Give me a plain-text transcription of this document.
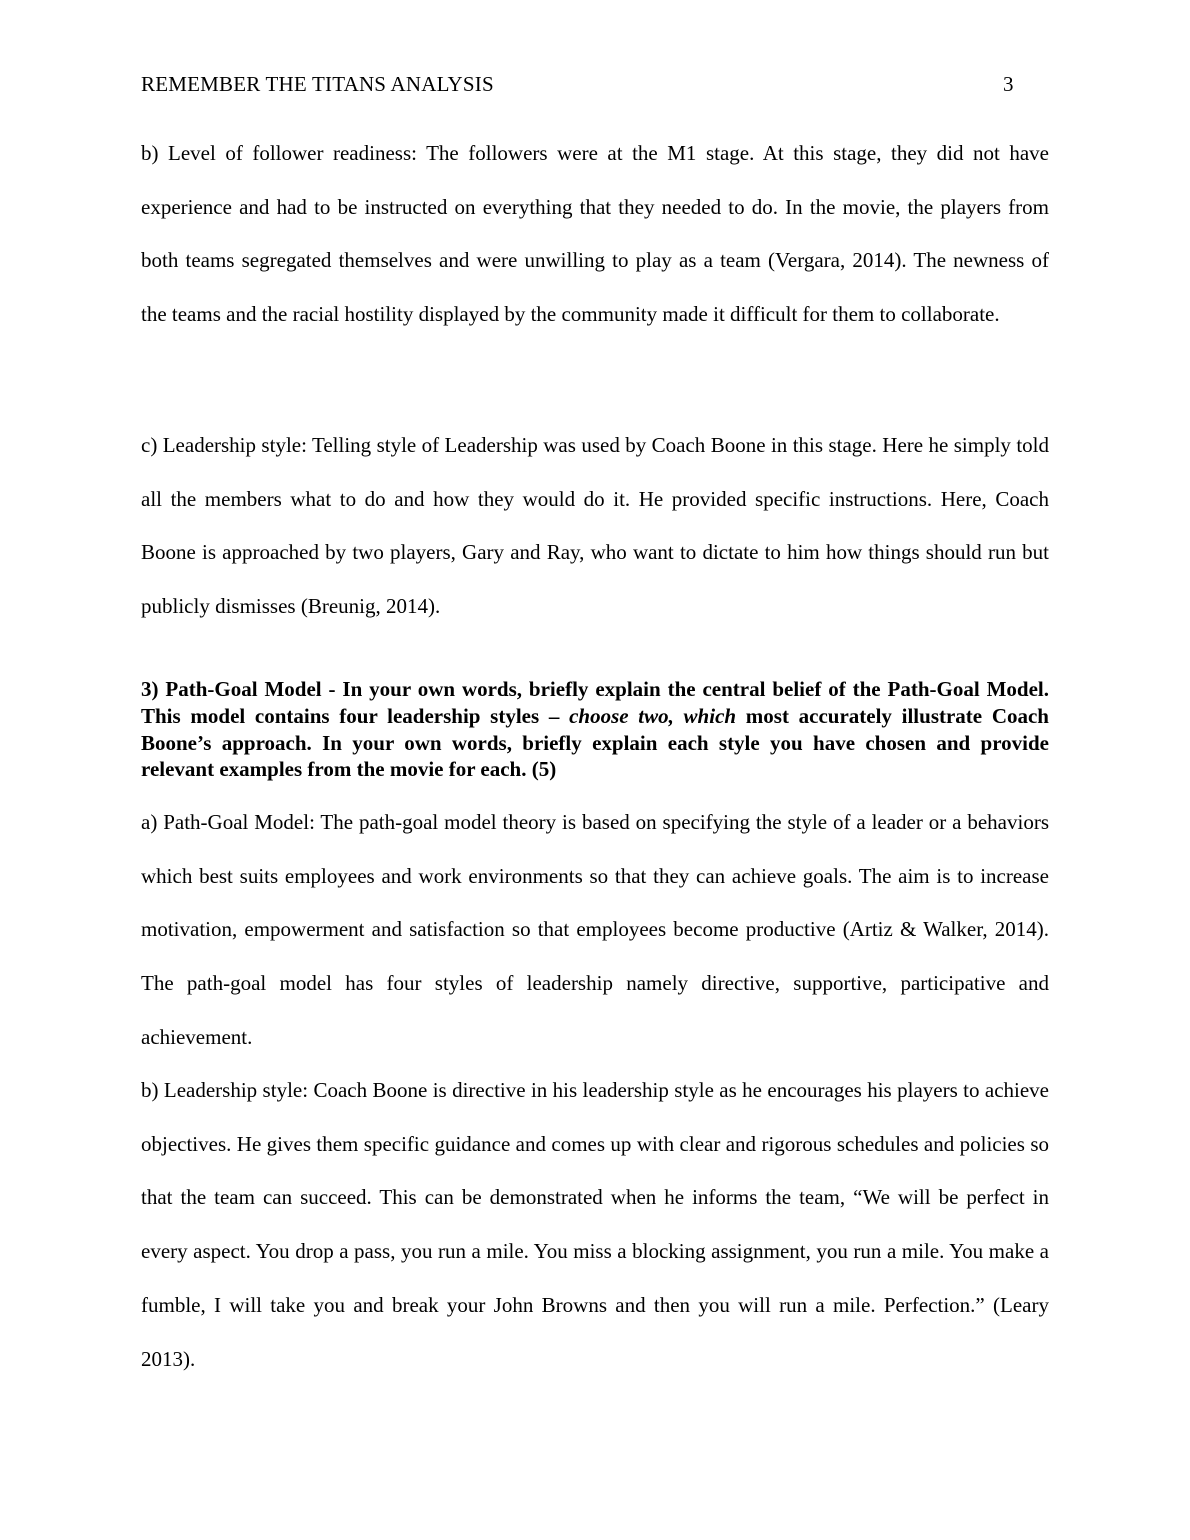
REMEMBER THE TITANS ANALYSIS	3

b) Level of follower readiness: The followers were at the M1 stage. At this stage, they did not have experience and had to be instructed on everything that they needed to do. In the movie, the players from both teams segregated themselves and were unwilling to play as a team (Vergara, 2014). The newness of the teams and the racial hostility displayed by the community made it difficult for them to collaborate.

c) Leadership style: Telling style of Leadership was used by Coach Boone in this stage. Here he simply told all the members what to do and how they would do it. He provided specific instructions. Here, Coach Boone is approached by two players, Gary and Ray, who want to dictate to him how things should run but publicly dismisses (Breunig, 2014).

3) Path-Goal Model - In your own words, briefly explain the central belief of the Path-Goal Model. This model contains four leadership styles – choose two, which most accurately illustrate Coach Boone’s approach. In your own words, briefly explain each style you have chosen and provide relevant examples from the movie for each. (5)

a) Path-Goal Model: The path-goal model theory is based on specifying the style of a leader or a behaviors which best suits employees and work environments so that they can achieve goals. The aim is to increase motivation, empowerment and satisfaction so that employees become productive (Artiz & Walker, 2014). The path-goal model has four styles of leadership namely directive, supportive, participative and achievement.

b) Leadership style: Coach Boone is directive in his leadership style as he encourages his players to achieve objectives. He gives them specific guidance and comes up with clear and rigorous schedules and policies so that the team can succeed. This can be demonstrated when he informs the team, “We will be perfect in every aspect. You drop a pass, you run a mile. You miss a blocking assignment, you run a mile. You make a fumble, I will take you and break your John Browns and then you will run a mile. Perfection.” (Leary 2013).
